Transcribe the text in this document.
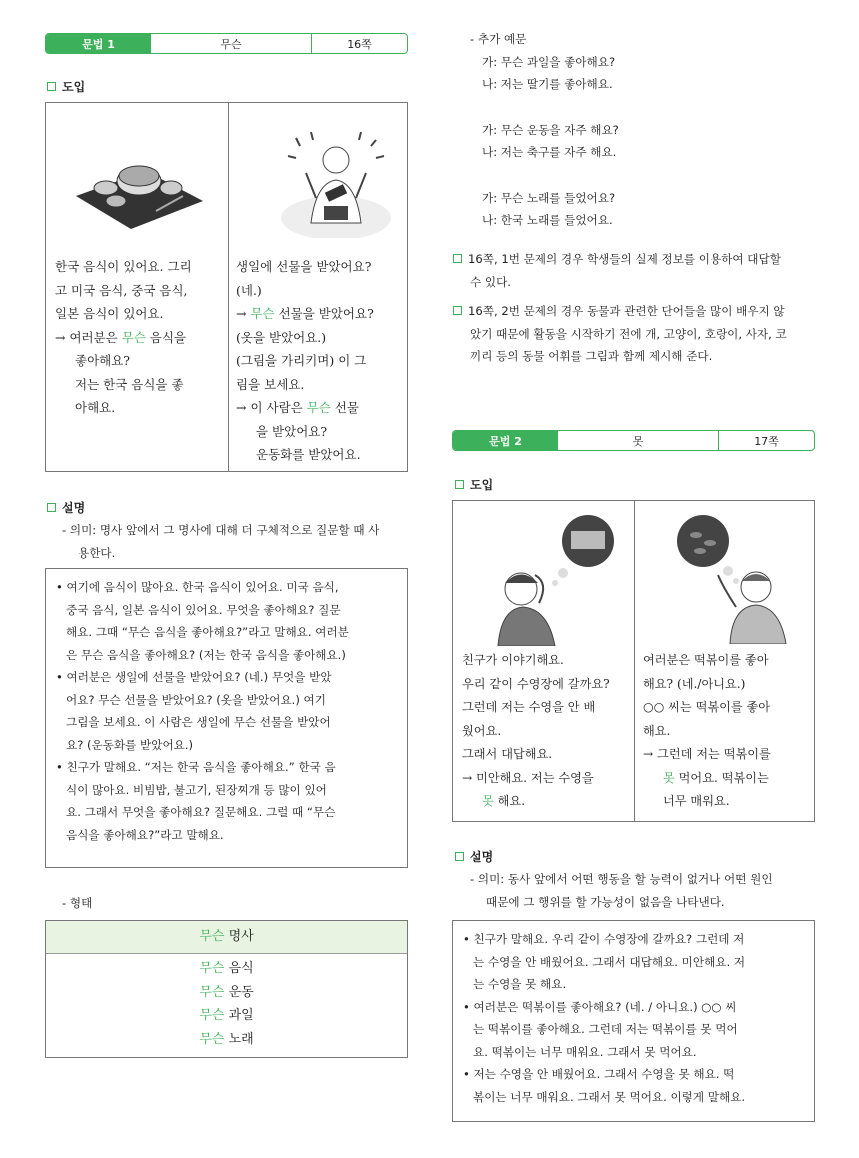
문법 1	무슨	16쪽
도입
한국 음식이 있어요. 그리
고 미국 음식, 중국 음식,
일본 음식이 있어요.
→ 여러분은 무슨 음식을
좋아해요?
저는 한국 음식을 좋
아해요.
생일에 선물을 받았어요?
(네.)
→ 무슨 선물을 받았어요?
(옷을 받았어요.)
(그림을 가리키며) 이 그
림을 보세요.
→ 이 사람은 무슨 선물
을 받았어요?
운동화를 받았어요.
설명
- 의미: 명사 앞에서 그 명사에 대해 더 구체적으로 질문할 때 사
용한다.
• 여기에 음식이 많아요. 한국 음식이 있어요. 미국 음식,
중국 음식, 일본 음식이 있어요. 무엇을 좋아해요? 질문
해요. 그때 “무슨 음식을 좋아해요?”라고 말해요. 여러분
은 무슨 음식을 좋아해요? (저는 한국 음식을 좋아해요.)
• 여러분은 생일에 선물을 받았어요? (네.) 무엇을 받았
어요? 무슨 선물을 받았어요? (옷을 받았어요.) 여기
그림을 보세요. 이 사람은 생일에 무슨 선물을 받았어
요? (운동화를 받았어요.)
• 친구가 말해요. “저는 한국 음식을 좋아해요.” 한국 음
식이 많아요. 비빔밥, 불고기, 된장찌개 등 많이 있어
요. 그래서 무엇을 좋아해요? 질문해요. 그럴 때 “무슨
음식을 좋아해요?”라고 말해요.
- 형태
무슨 명사
무슨 음식
무슨 운동
무슨 과일
무슨 노래
- 추가 예문
가: 무슨 과일을 좋아해요?
나: 저는 딸기를 좋아해요.
가: 무슨 운동을 자주 해요?
나: 저는 축구를 자주 해요.
가: 무슨 노래를 들었어요?
나: 한국 노래를 들었어요.
16쪽, 1번 문제의 경우 학생들의 실제 정보를 이용하여 대답할
수 있다.
16쪽, 2번 문제의 경우 동물과 관련한 단어들을 많이 배우지 않
았기 때문에 활동을 시작하기 전에 개, 고양이, 호랑이, 사자, 코
끼리 등의 동물 어휘를 그림과 함께 제시해 준다.
문법 2	못	17쪽
도입
친구가 이야기해요.
우리 같이 수영장에 갈까요?
그런데 저는 수영을 안 배
웠어요.
그래서 대답해요.
→ 미안해요. 저는 수영을
못 해요.
여러분은 떡볶이를 좋아
해요? (네./아니요.)
○○ 씨는 떡볶이를 좋아
해요.
→ 그런데 저는 떡볶이를
못 먹어요. 떡볶이는
너무 매워요.
설명
- 의미: 동사 앞에서 어떤 행동을 할 능력이 없거나 어떤 원인
때문에 그 행위를 할 가능성이 없음을 나타낸다.
• 친구가 말해요. 우리 같이 수영장에 갈까요? 그런데 저
는 수영을 안 배웠어요. 그래서 대답해요. 미안해요. 저
는 수영을 못 해요.
• 여러분은 떡볶이를 좋아해요? (네. / 아니요.) ○○ 씨
는 떡볶이를 좋아해요. 그런데 저는 떡볶이를 못 먹어
요. 떡볶이는 너무 매워요. 그래서 못 먹어요.
• 저는 수영을 안 배웠어요. 그래서 수영을 못 해요. 떡
볶이는 너무 매워요. 그래서 못 먹어요. 이렇게 말해요.
